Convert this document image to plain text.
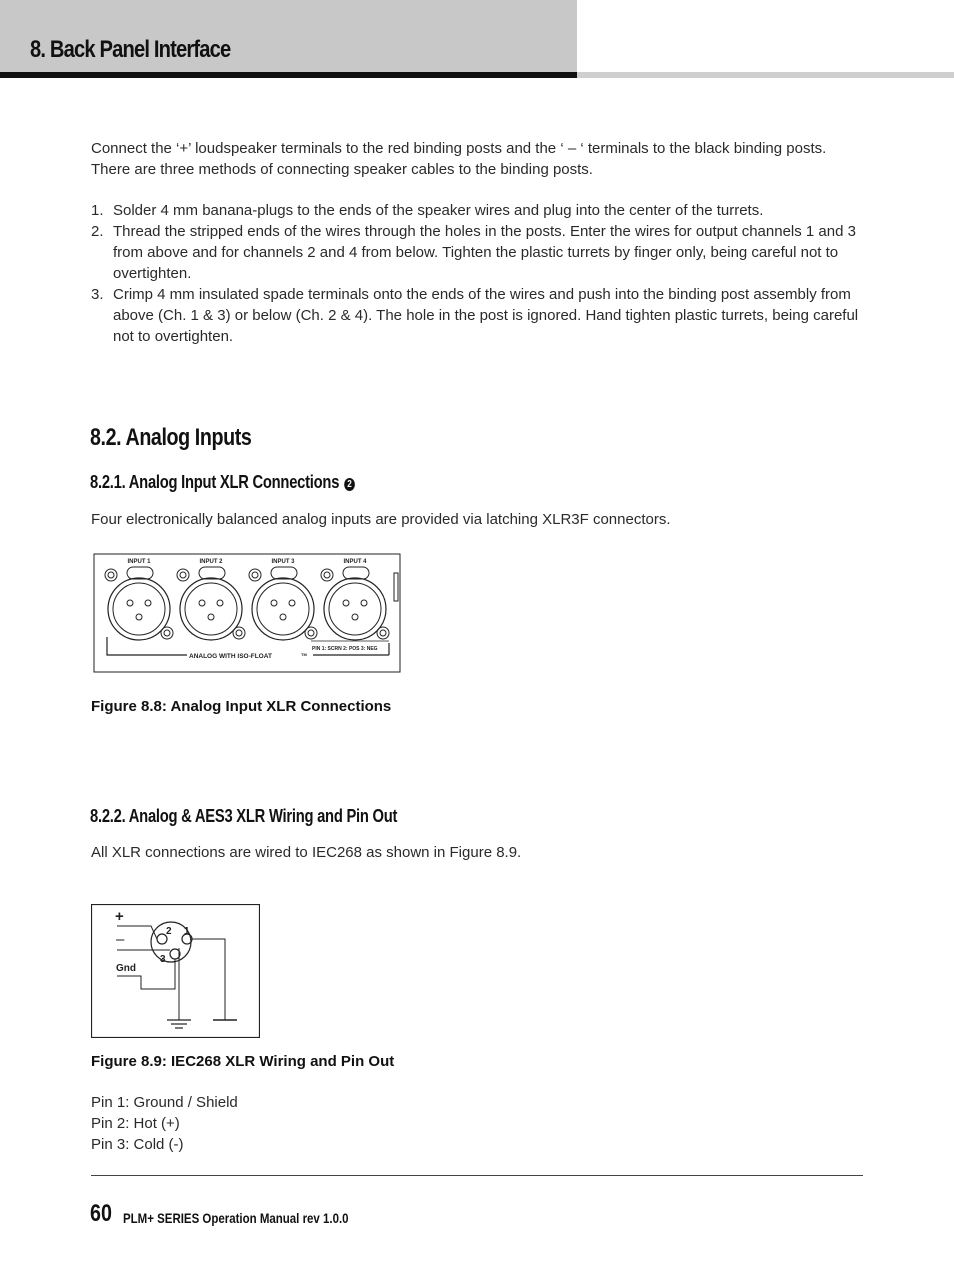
8. Back Panel Interface
Connect the ‘+’ loudspeaker terminals to the red binding posts and the ‘ – ‘ terminals to the black binding posts. There are three methods of connecting speaker cables to the binding posts.
1. Solder 4 mm banana-plugs to the ends of the speaker wires and plug into the center of the turrets.
2. Thread the stripped ends of the wires through the holes in the posts. Enter the wires for output channels 1 and 3 from above and for channels 2 and 4 from below. Tighten the plastic turrets by finger only, being careful not to overtighten.
3. Crimp 4 mm insulated spade terminals onto the ends of the wires and push into the binding post assembly from above (Ch. 1 & 3) or below (Ch. 2 & 4). The hole in the post is ignored. Hand tighten plastic turrets, being careful not to overtighten.
8.2. Analog Inputs
8.2.1. Analog Input XLR Connections 2
Four electronically balanced analog inputs are provided via latching XLR3F connectors.
INPUT 1	INPUT 2	INPUT 3	INPUT 4
ANALOG WITH ISO-FLOAT	TM
PIN 1: SCRN 2: POS 3: NEG
Figure 8.8: Analog Input XLR Connections
8.2.2. Analog & AES3 XLR Wiring and Pin Out
All XLR connections are wired to IEC268 as shown in Figure 8.9.
+
–
Gnd
2 1
3
Figure 8.9: IEC268 XLR Wiring and Pin Out
Pin 1: Ground / Shield
Pin 2: Hot (+)
Pin 3: Cold (-)
60 PLM+ SERIES Operation Manual rev 1.0.0
